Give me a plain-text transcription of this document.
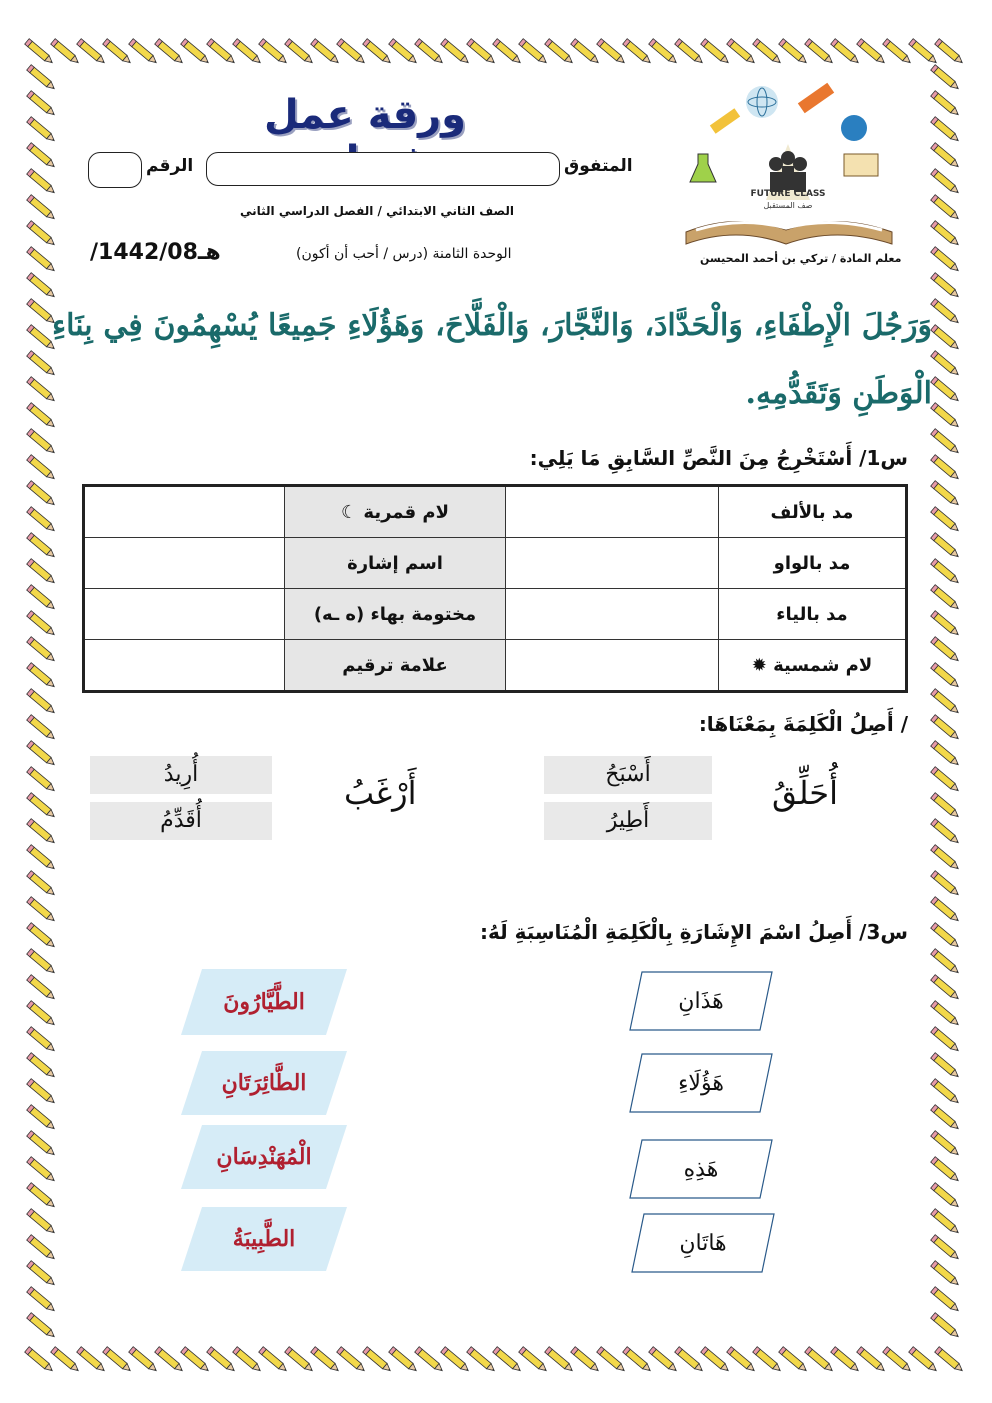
ورقة عمل
المتفوق
الرقم
الصف الثاني الابتدائي / الفصل الدراسي الثاني
الوحدة الثامنة (درس / أحب أن أكون)
/1442/08هـ	معلم المادة / تركي بن أحمد المحيسن
FUTURE CLASS
صف المستقبل
وَرَجُلَ الْإِطْفَاءِ، وَالْحَدَّادَ، وَالنَّجَّارَ، وَالْفَلَّاحَ، وَهَؤُلَاءِ جَمِيعًا يُسْهِمُونَ فِي بِنَاءِ الْوَطَنِ وَتَقَدُّمِهِ.
س1/ أَسْتَخْرِجُ مِنَ النَّصِّ السَّابِقِ مَا يَلِي:
مد بالألف		لام قمرية ☾	
مد بالواو		اسم إشارة	
مد بالياء		مختومة بهاء (ه ـه)	
لام شمسية ✹		علامة ترقيم	
/ أَصِلُ الْكَلِمَةَ بِمَعْنَاهَا:
أُحَلِّقُ
أَسْبَحُ
أَطِيرُ
أَرْغَبُ
أُرِيدُ
أُقَدِّمُ
س3/ أَصِلُ اسْمَ الإِشَارَةِ بِالْكَلِمَةِ الْمُنَاسِبَةِ لَهُ:
هَذَانِ
هَؤُلَاءِ
هَذِهِ
هَاتَانِ
الطَّيَّارُونَ
الطَّائِرَتَانِ
الْمُهَنْدِسَانِ
الطَّبِيبَةُ
